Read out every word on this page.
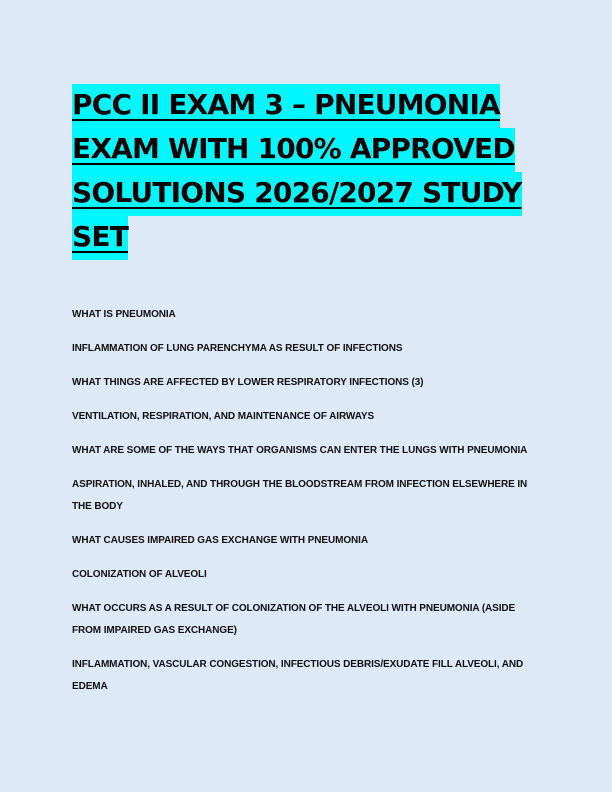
PCC II EXAM 3 – PNEUMONIA
EXAM WITH 100% APPROVED
SOLUTIONS 2026/2027 STUDY
SET

WHAT IS PNEUMONIA

INFLAMMATION OF LUNG PARENCHYMA AS RESULT OF INFECTIONS

WHAT THINGS ARE AFFECTED BY LOWER RESPIRATORY INFECTIONS (3)

VENTILATION, RESPIRATION, AND MAINTENANCE OF AIRWAYS

WHAT ARE SOME OF THE WAYS THAT ORGANISMS CAN ENTER THE LUNGS WITH PNEUMONIA

ASPIRATION, INHALED, AND THROUGH THE BLOODSTREAM FROM INFECTION ELSEWHERE IN THE BODY

WHAT CAUSES IMPAIRED GAS EXCHANGE WITH PNEUMONIA

COLONIZATION OF ALVEOLI

WHAT OCCURS AS A RESULT OF COLONIZATION OF THE ALVEOLI WITH PNEUMONIA (ASIDE FROM IMPAIRED GAS EXCHANGE)

INFLAMMATION, VASCULAR CONGESTION, INFECTIOUS DEBRIS/EXUDATE FILL ALVEOLI, AND EDEMA
